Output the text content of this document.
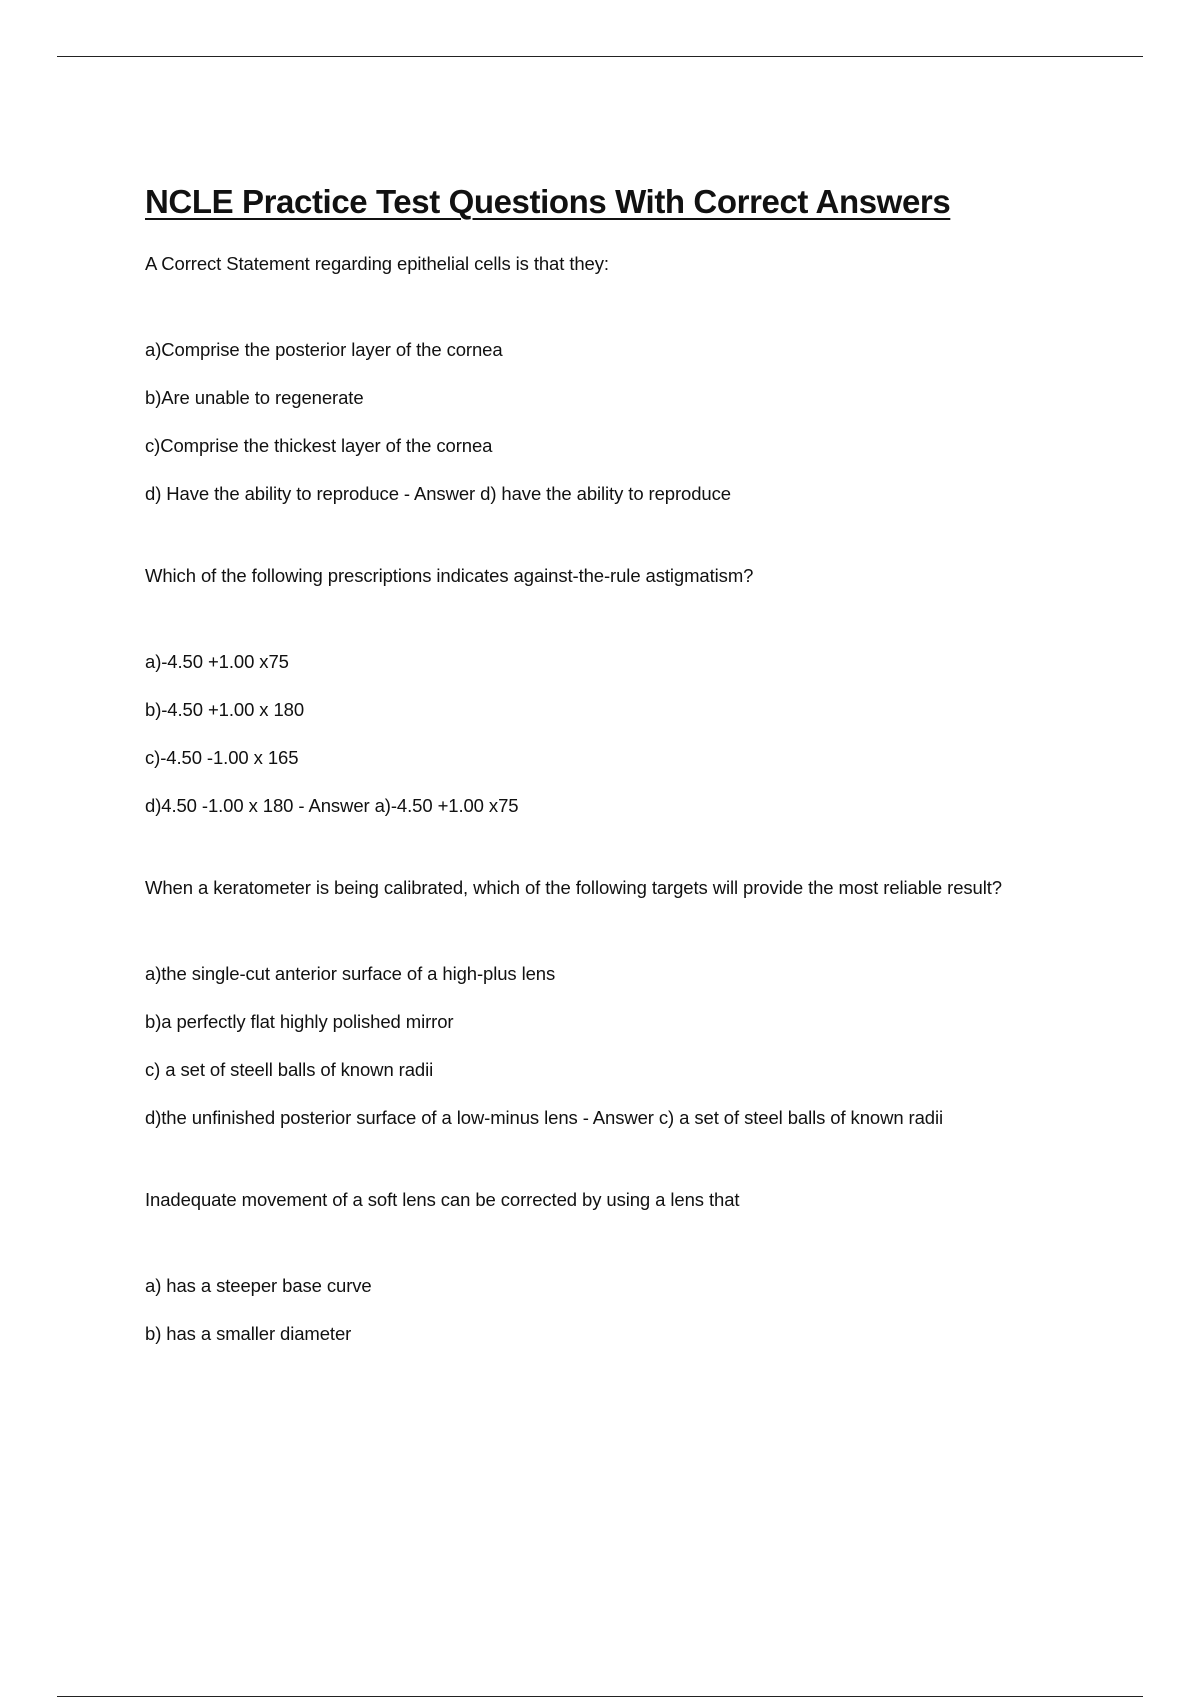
NCLE Practice Test Questions With Correct Answers

A Correct Statement regarding epithelial cells is that they:

a)Comprise the posterior layer of the cornea

b)Are unable to regenerate

c)Comprise the thickest layer of the cornea

d) Have the ability to reproduce - Answer d) have the ability to reproduce

Which of the following prescriptions indicates against-the-rule astigmatism?

a)-4.50 +1.00 x75

b)-4.50 +1.00 x 180

c)-4.50 -1.00 x 165

d)4.50 -1.00 x 180 - Answer a)-4.50 +1.00 x75

When a keratometer is being calibrated, which of the following targets will provide the most reliable result?

a)the single-cut anterior surface of a high-plus lens

b)a perfectly flat highly polished mirror

c) a set of steell balls of known radii

d)the unfinished posterior surface of a low-minus lens - Answer c) a set of steel balls of known radii

Inadequate movement of a soft lens can be corrected by using a lens that

a) has a steeper base curve

b) has a smaller diameter
